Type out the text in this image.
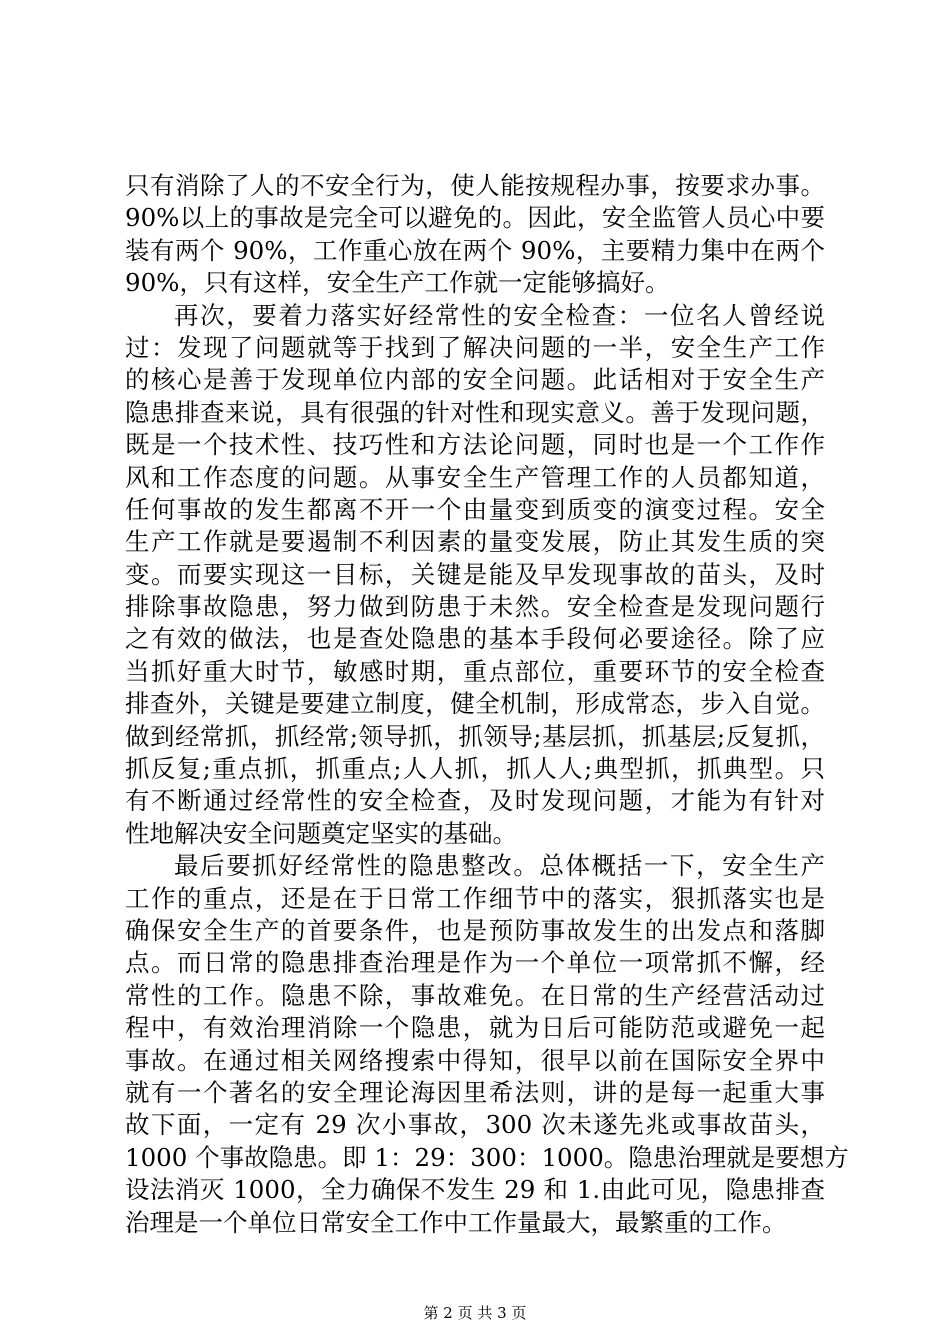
只有消除了人的不安全行为，使人能按规程办事，按要求办事。
90%以上的事故是完全可以避免的。因此，安全监管人员心中要
装有两个 90%，工作重心放在两个 90%，主要精力集中在两个
90%，只有这样，安全生产工作就一定能够搞好。
再次，要着力落实好经常性的安全检查：一位名人曾经说
过：发现了问题就等于找到了解决问题的一半，安全生产工作
的核心是善于发现单位内部的安全问题。此话相对于安全生产
隐患排查来说，具有很强的针对性和现实意义。善于发现问题，
既是一个技术性、技巧性和方法论问题，同时也是一个工作作
风和工作态度的问题。从事安全生产管理工作的人员都知道，
任何事故的发生都离不开一个由量变到质变的演变过程。安全
生产工作就是要遏制不利因素的量变发展，防止其发生质的突
变。而要实现这一目标，关键是能及早发现事故的苗头，及时
排除事故隐患，努力做到防患于未然。安全检查是发现问题行
之有效的做法，也是查处隐患的基本手段何必要途径。除了应
当抓好重大时节，敏感时期，重点部位，重要环节的安全检查
排查外，关键是要建立制度，健全机制，形成常态，步入自觉。
做到经常抓，抓经常;领导抓，抓领导;基层抓，抓基层;反复抓，
抓反复;重点抓，抓重点;人人抓，抓人人;典型抓，抓典型。只
有不断通过经常性的安全检查，及时发现问题，才能为有针对
性地解决安全问题奠定坚实的基础。
最后要抓好经常性的隐患整改。总体概括一下，安全生产
工作的重点，还是在于日常工作细节中的落实，狠抓落实也是
确保安全生产的首要条件，也是预防事故发生的出发点和落脚
点。而日常的隐患排查治理是作为一个单位一项常抓不懈，经
常性的工作。隐患不除，事故难免。在日常的生产经营活动过
程中，有效治理消除一个隐患，就为日后可能防范或避免一起
事故。在通过相关网络搜索中得知，很早以前在国际安全界中
就有一个著名的安全理论海因里希法则，讲的是每一起重大事
故下面，一定有 29 次小事故，300 次未遂先兆或事故苗头，
1000 个事故隐患。即 1：29：300：1000。隐患治理就是要想方
设法消灭 1000，全力确保不发生 29 和 1.由此可见，隐患排查
治理是一个单位日常安全工作中工作量最大，最繁重的工作。
第 2 页 共 3 页
